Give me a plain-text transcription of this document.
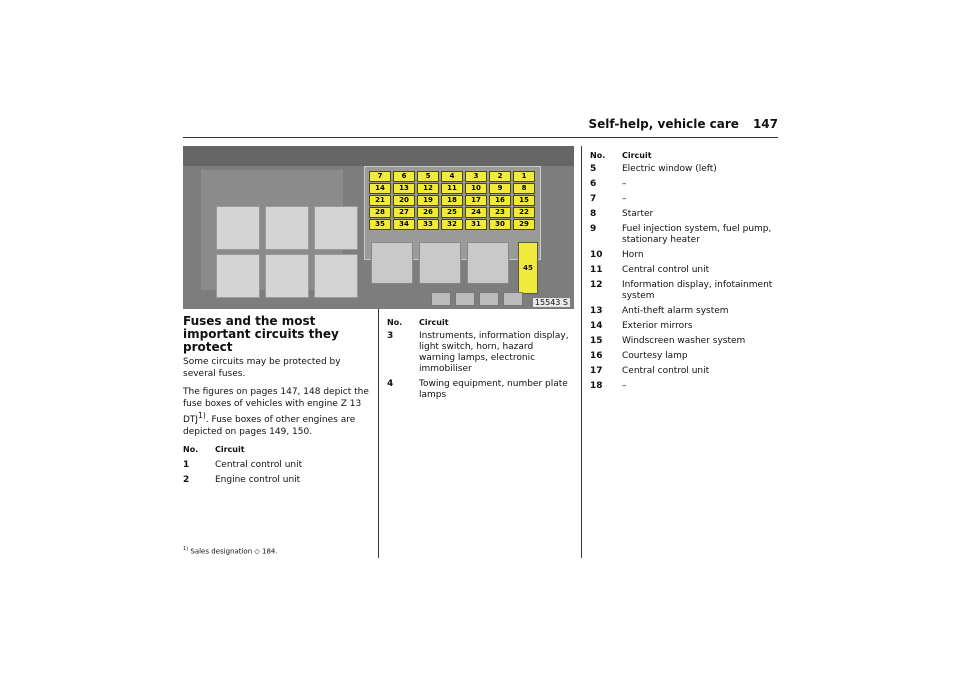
Self-help, vehicle care 147
45
7	6	5	4	3	2	1
14	13	12	11	10	9	8
21	20	19	18	17	16	15
28	27	26	25	24	23	22
35	34	33	32	31	30	29
15543 S
Fuses and the most important circuits they protect

Some circuits may be protected by several fuses.

The figures on pages 147, 148 depict the fuse boxes of vehicles with engine Z 13 DTJ$^{1)}$. Fuse boxes of other engines are depicted on pages 149, 150.

No.	Circuit
1	Central control unit
2	Engine control unit
No.	Circuit
3	Instruments, information display, light switch, horn, hazard warning lamps, electronic immobiliser
4	Towing equipment, number plate lamps
No.	Circuit
5	Electric window (left)
6	–
7	–
8	Starter
9	Fuel injection system, fuel pump, stationary heater
10	Horn
11	Central control unit
12	Information display, infotainment system
13	Anti-theft alarm system
14	Exterior mirrors
15	Windscreen washer system
16	Courtesy lamp
17	Central control unit
18	–
$^{1)}$ Sales designation ◇ 184.
